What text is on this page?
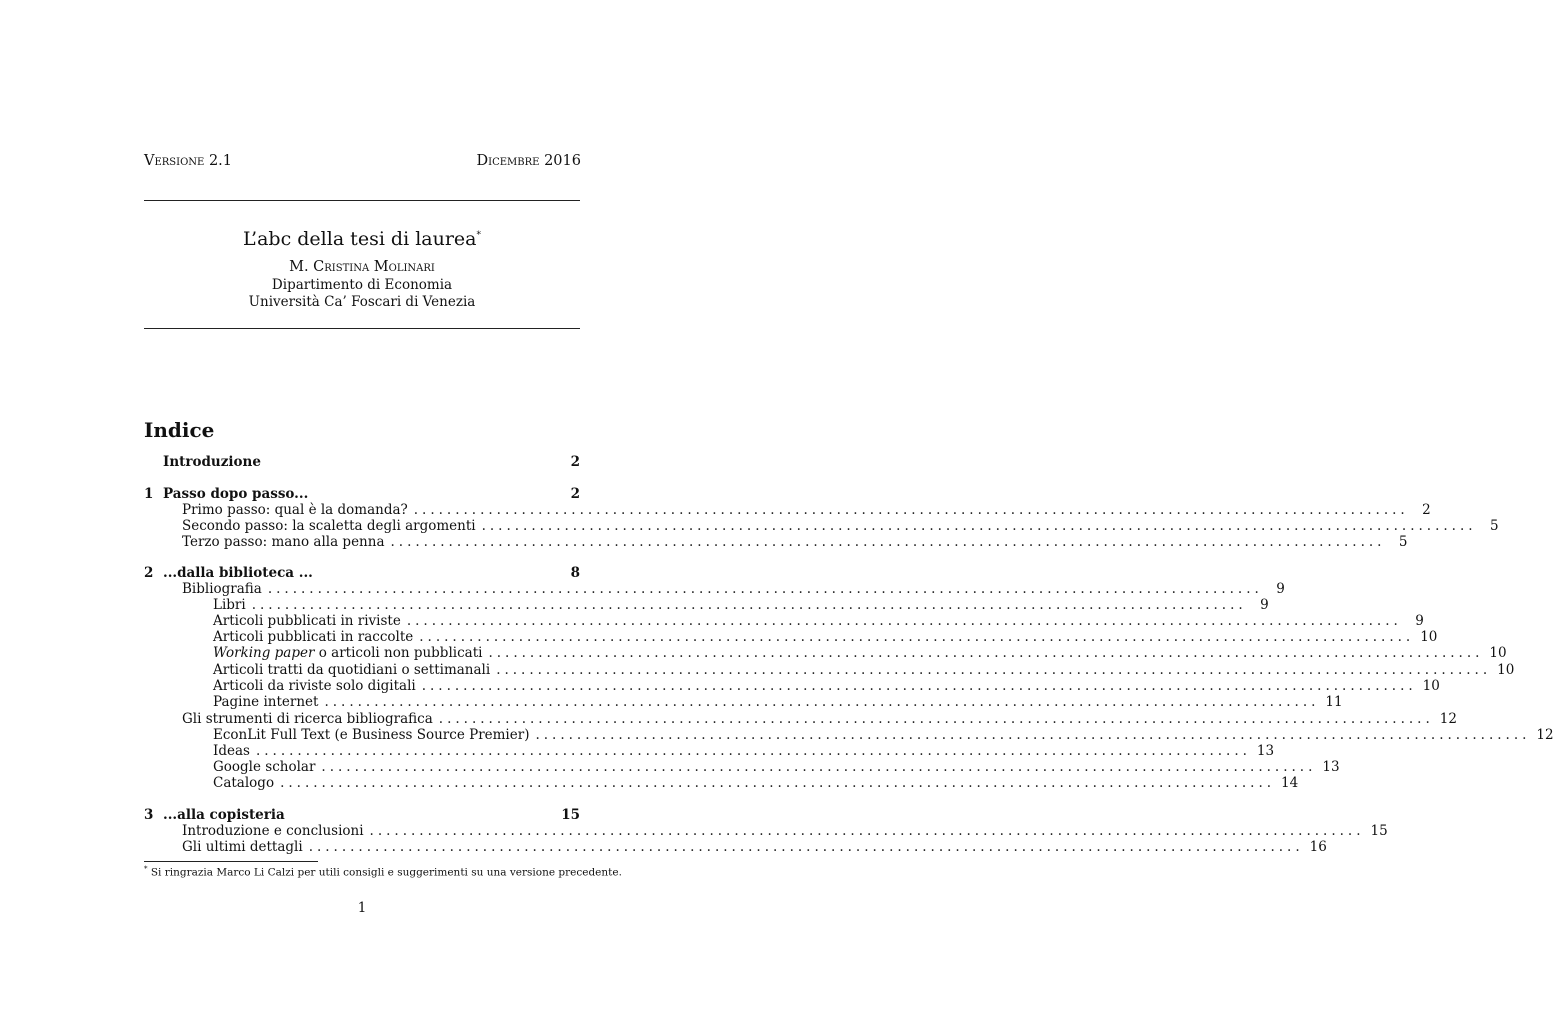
Versione 2.1	Dicembre 2016
L’abc della tesi di laurea*
M. Cristina Molinari
Dipartimento di Economia
Università Ca’ Foscari di Venezia
Indice
Introduzione	2
1 Passo dopo passo...	2
Primo passo: qual è la domanda? ........................................................................................................................ 2
Secondo passo: la scaletta degli argomenti ........................................................................................................................ 5
Terzo passo: mano alla penna ........................................................................................................................ 5
2 ...dalla biblioteca ...	8
Bibliografia ........................................................................................................................ 9
Libri ........................................................................................................................ 9
Articoli pubblicati in riviste ........................................................................................................................ 9
Articoli pubblicati in raccolte ........................................................................................................................ 10
Working paper o articoli non pubblicati ........................................................................................................................ 10
Articoli tratti da quotidiani o settimanali ........................................................................................................................ 10
Articoli da riviste solo digitali ........................................................................................................................ 10
Pagine internet ........................................................................................................................ 11
Gli strumenti di ricerca bibliografica ........................................................................................................................ 12
EconLit Full Text (e Business Source Premier) ........................................................................................................................ 12
Ideas ........................................................................................................................ 13
Google scholar ........................................................................................................................ 13
Catalogo ........................................................................................................................ 14
3 ...alla copisteria	15
Introduzione e conclusioni ........................................................................................................................ 15
Gli ultimi dettagli ........................................................................................................................ 16
* Si ringrazia Marco Li Calzi per utili consigli e suggerimenti su una versione precedente.
1
